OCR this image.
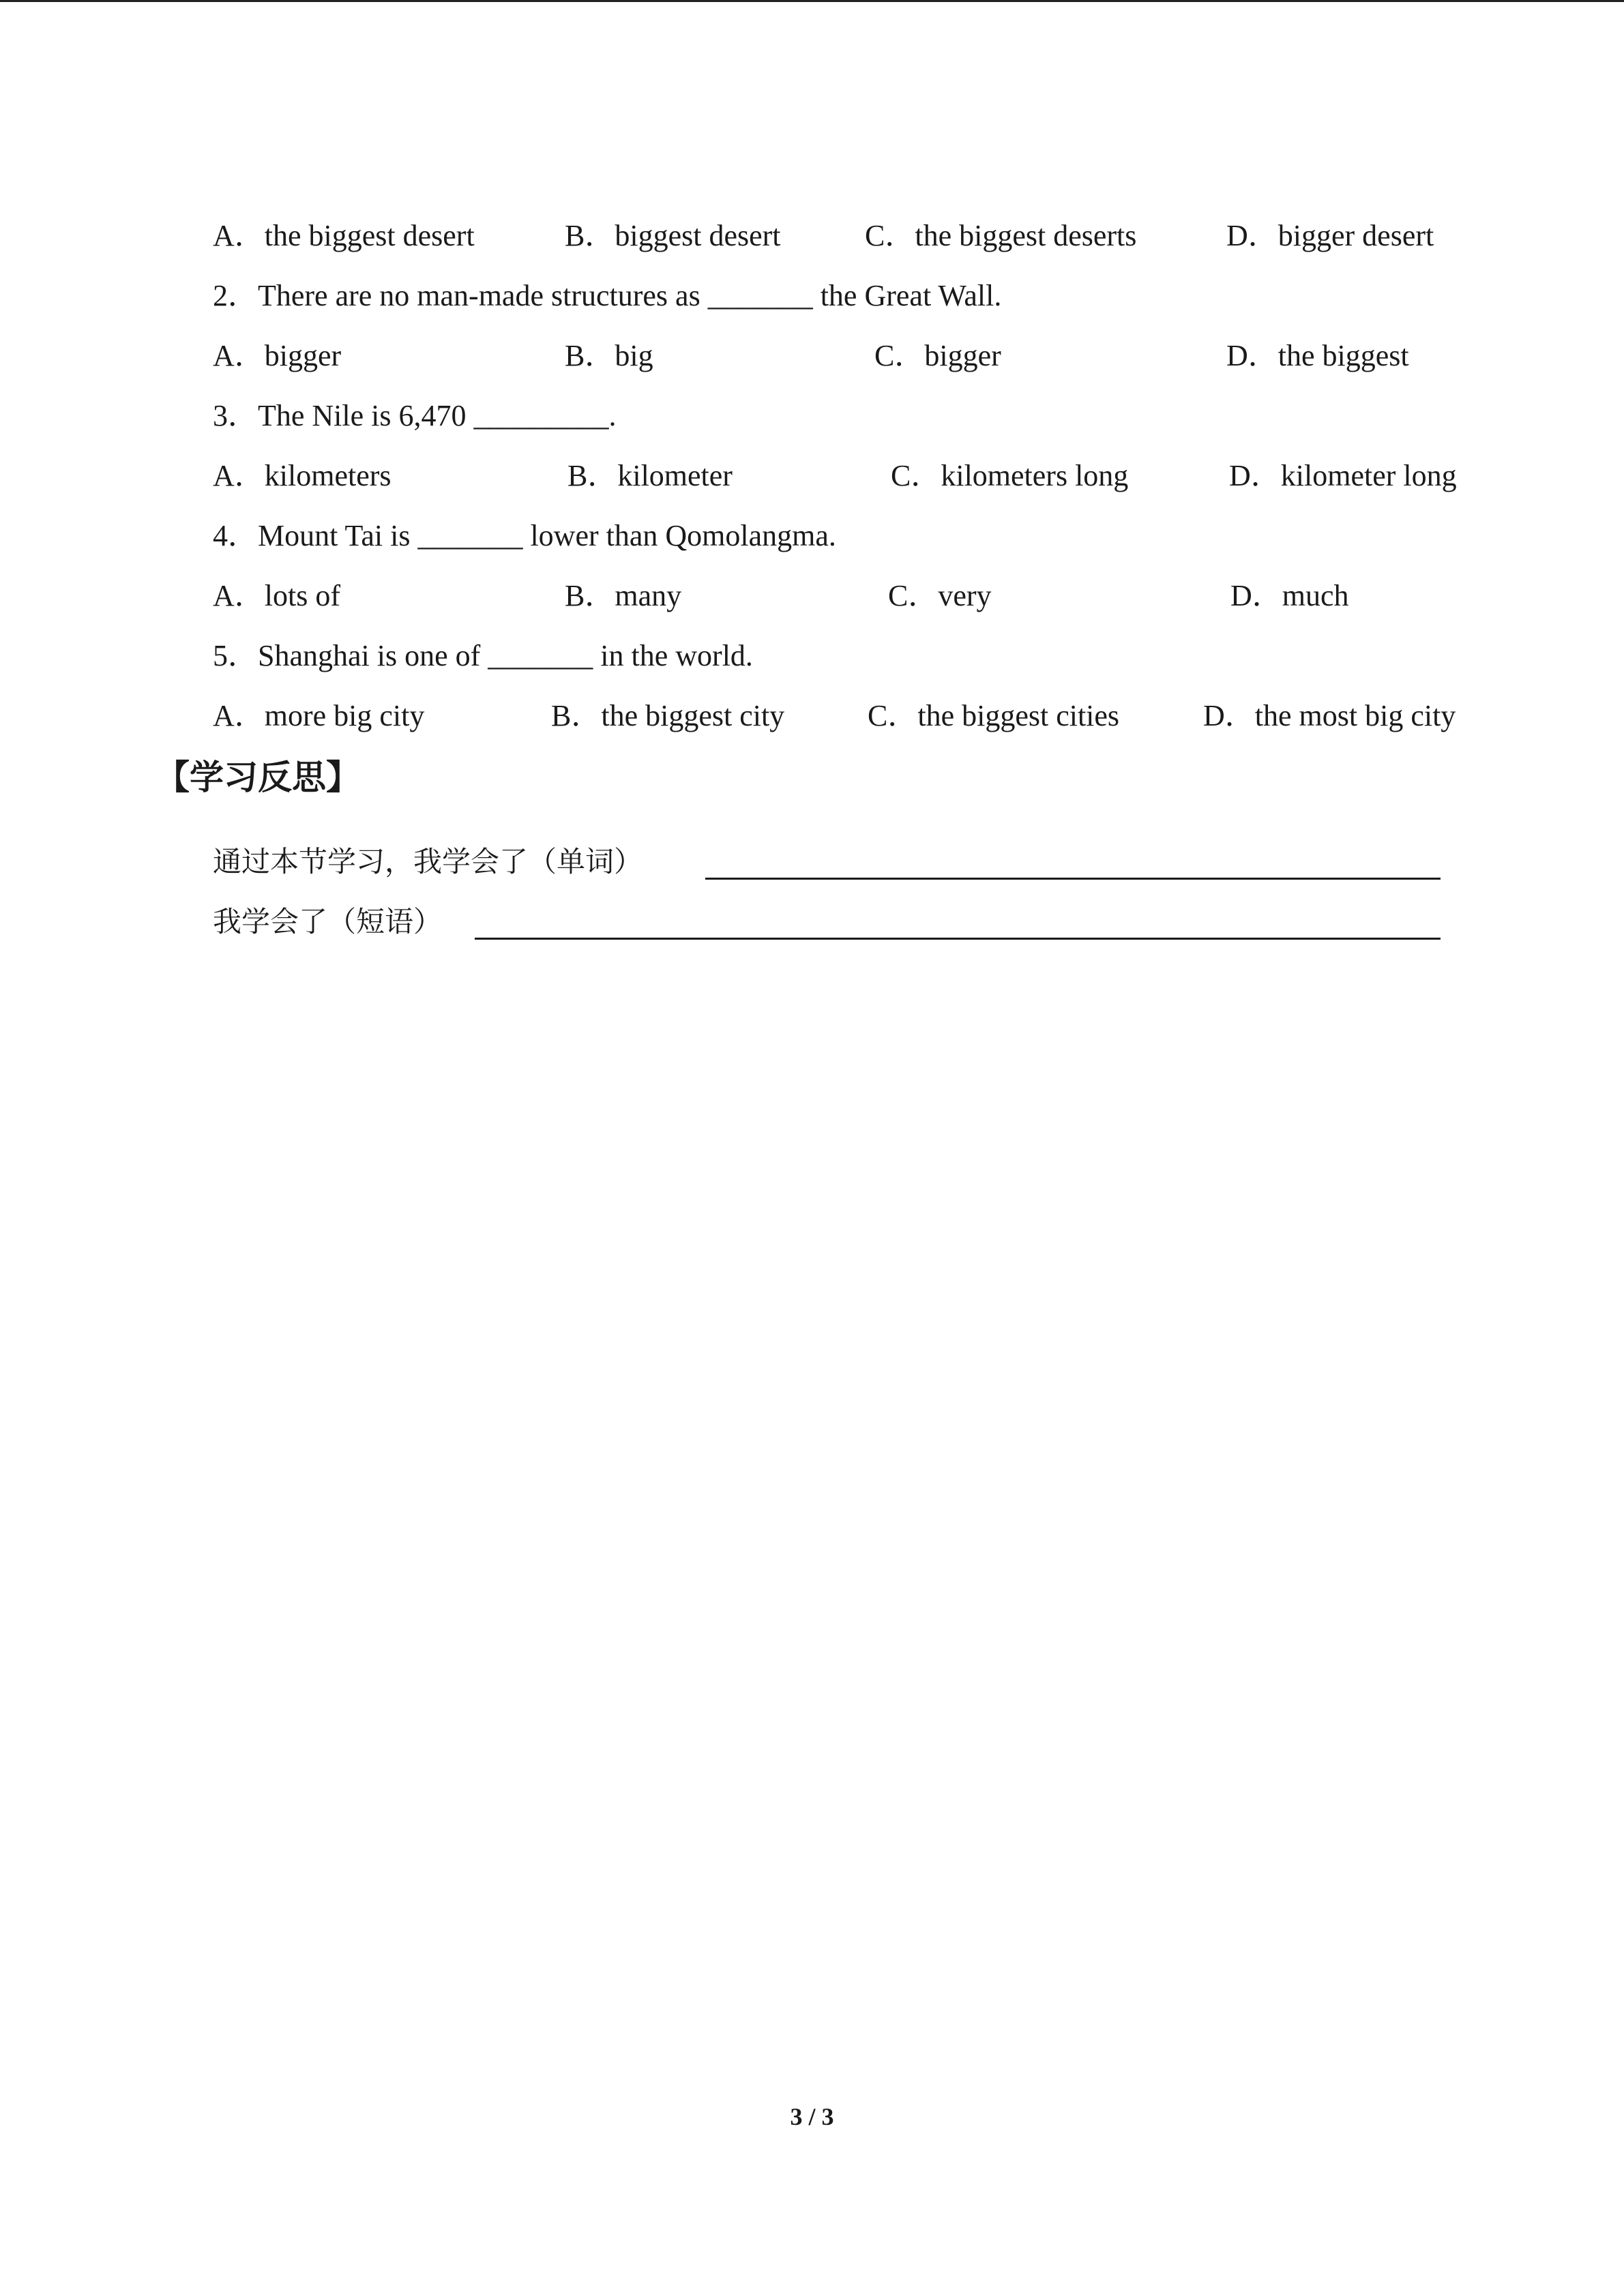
A．the biggest desert	B．biggest desert	C．the biggest deserts	D．bigger desert
2．There are no man-made structures as _______ the Great Wall.
A．bigger	B．big	C．bigger	D．the biggest
3．The Nile is 6,470 _________.
A．kilometers	B．kilometer	C．kilometers long	D．kilometer long
4．Mount Tai is _______ lower than Qomolangma.
A．lots of	B．many	C．very	D．much
5．Shanghai is one of _______ in the world.
A．more big city	B．the biggest city	C．the biggest cities	D．the most big city
【学习反思】
通过本节学习，我学会了（单词）
我学会了（短语）
3 / 3
